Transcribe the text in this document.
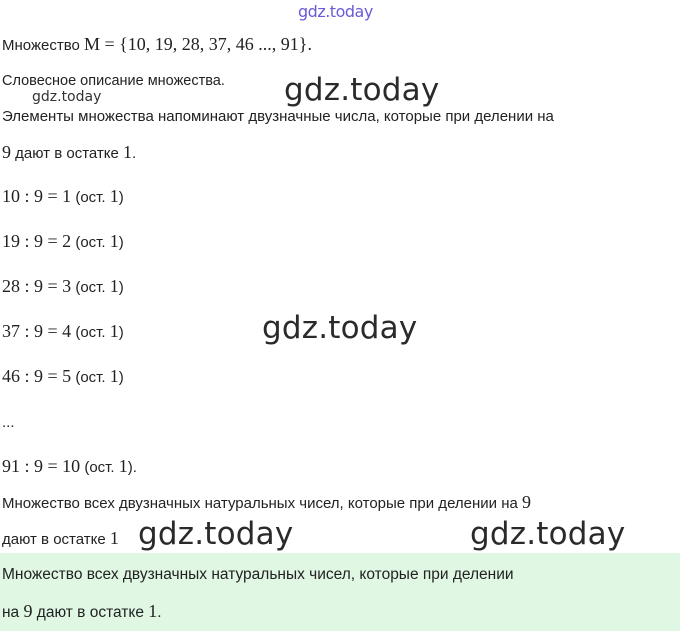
gdz.today
Множество M = {10, 19, 28, 37, 46 ..., 91}.
Словесное описание множества.
gdz.today
Элементы множества напоминают двузначные числа, которые при делении на
9 дают в остатке 1.
10 : 9 = 1 (ост. 1)
19 : 9 = 2 (ост. 1)
28 : 9 = 3 (ост. 1)
37 : 9 = 4 (ост. 1)
46 : 9 = 5 (ост. 1)
gdz.today
...
91 : 9 = 10 (ост. 1).
Множество всех двузначных натуральных чисел, которые при делении на 9
дают в остатке 1 gdz.today	gdz.today
gdz.today
Множество всех двузначных натуральных чисел, которые при делении
на 9 дают в остатке 1.
